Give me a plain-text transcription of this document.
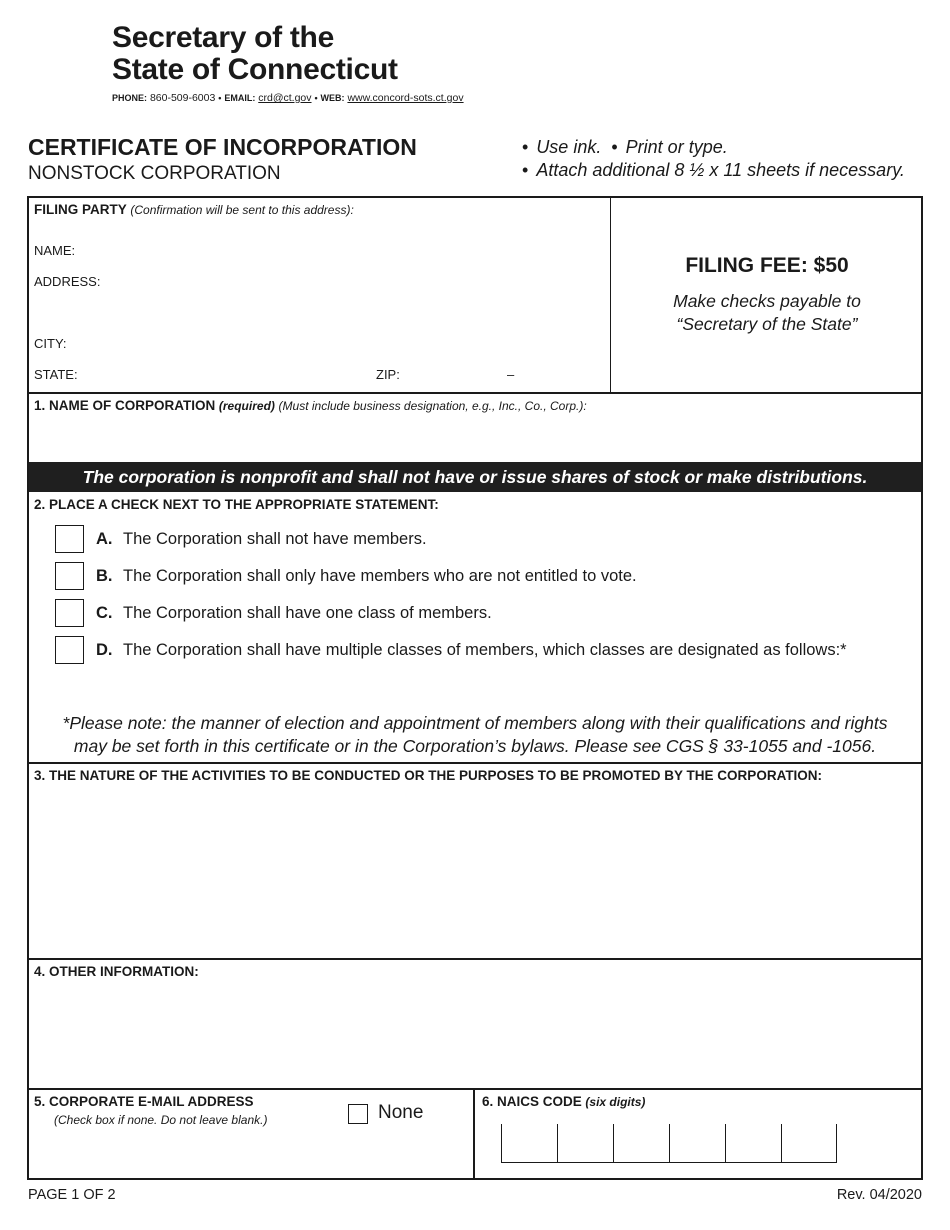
Secretary of the
State of Connecticut
PHONE: 860-509-6003 • EMAIL: crd@ct.gov • WEB: www.concord-sots.ct.gov
CERTIFICATE OF INCORPORATION
NONSTOCK CORPORATION
• Use ink. • Print or type.
• Attach additional 8 ½ x 11 sheets if necessary.
FILING PARTY (Confirmation will be sent to this address):
NAME:
ADDRESS:
CITY:
STATE:	ZIP:	–
FILING FEE: $50
Make checks payable to
“Secretary of the State”
1. NAME OF CORPORATION (required) (Must include business designation, e.g., Inc., Co., Corp.):
The corporation is nonprofit and shall not have or issue shares of stock or make distributions.
2. PLACE A CHECK NEXT TO THE APPROPRIATE STATEMENT:
A. The Corporation shall not have members.
B. The Corporation shall only have members who are not entitled to vote.
C. The Corporation shall have one class of members.
D. The Corporation shall have multiple classes of members, which classes are designated as follows:*
*Please note: the manner of election and appointment of members along with their qualifications and rights
may be set forth in this certificate or in the Corporation’s bylaws. Please see CGS § 33-1055 and -1056.
3. THE NATURE OF THE ACTIVITIES TO BE CONDUCTED OR THE PURPOSES TO BE PROMOTED BY THE CORPORATION:
4. OTHER INFORMATION:
5. CORPORATE E-MAIL ADDRESS
(Check box if none. Do not leave blank.)	None
6. NAICS CODE (six digits)
PAGE 1 OF 2	Rev. 04/2020
